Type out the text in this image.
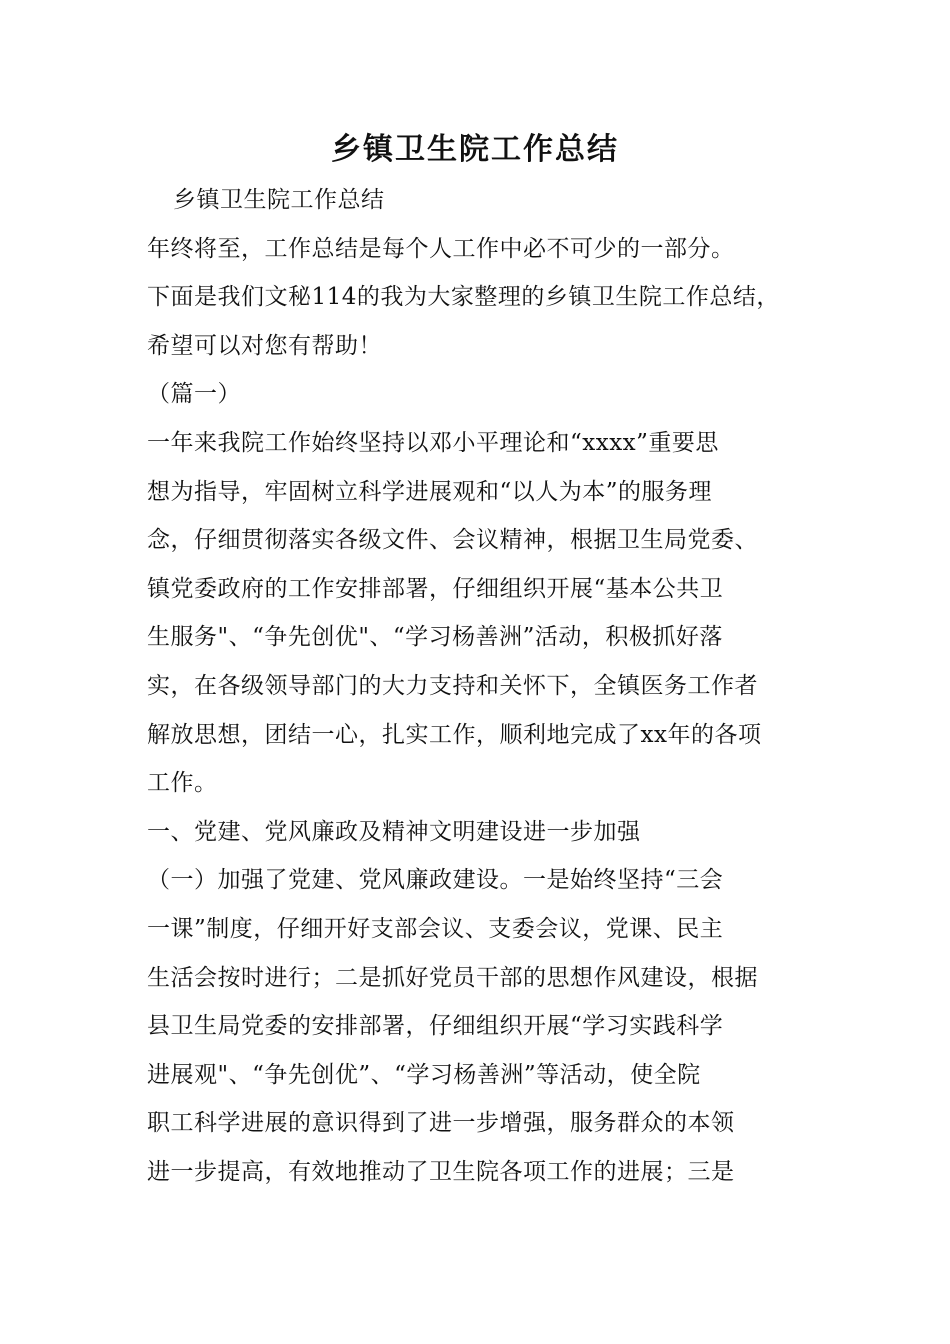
乡镇卫生院工作总结
乡镇卫生院工作总结
年终将至，工作总结是每个人工作中必不可少的一部分。
下面是我们文秘114的我为大家整理的乡镇卫生院工作总结，
希望可以对您有帮助！
（篇一）
一年来我院工作始终坚持以邓小平理论和“xxxx”重要思
想为指导，牢固树立科学进展观和“以人为本”的服务理
念，仔细贯彻落实各级文件、会议精神，根据卫生局党委、
镇党委政府的工作安排部署，仔细组织开展“基本公共卫
生服务"、“争先创优"、“学习杨善洲”活动，积极抓好落
实，在各级领导部门的大力支持和关怀下，全镇医务工作者
解放思想，团结一心，扎实工作，顺利地完成了xx年的各项
工作。
一、党建、党风廉政及精神文明建设进一步加强
（一）加强了党建、党风廉政建设。一是始终坚持“三会
一课”制度，仔细开好支部会议、支委会议，党课、民主
生活会按时进行；二是抓好党员干部的思想作风建设，根据
县卫生局党委的安排部署，仔细组织开展“学习实践科学
进展观"、“争先创优”、“学习杨善洲”等活动，使全院
职工科学进展的意识得到了进一步增强，服务群众的本领
进一步提高，有效地推动了卫生院各项工作的进展；三是
